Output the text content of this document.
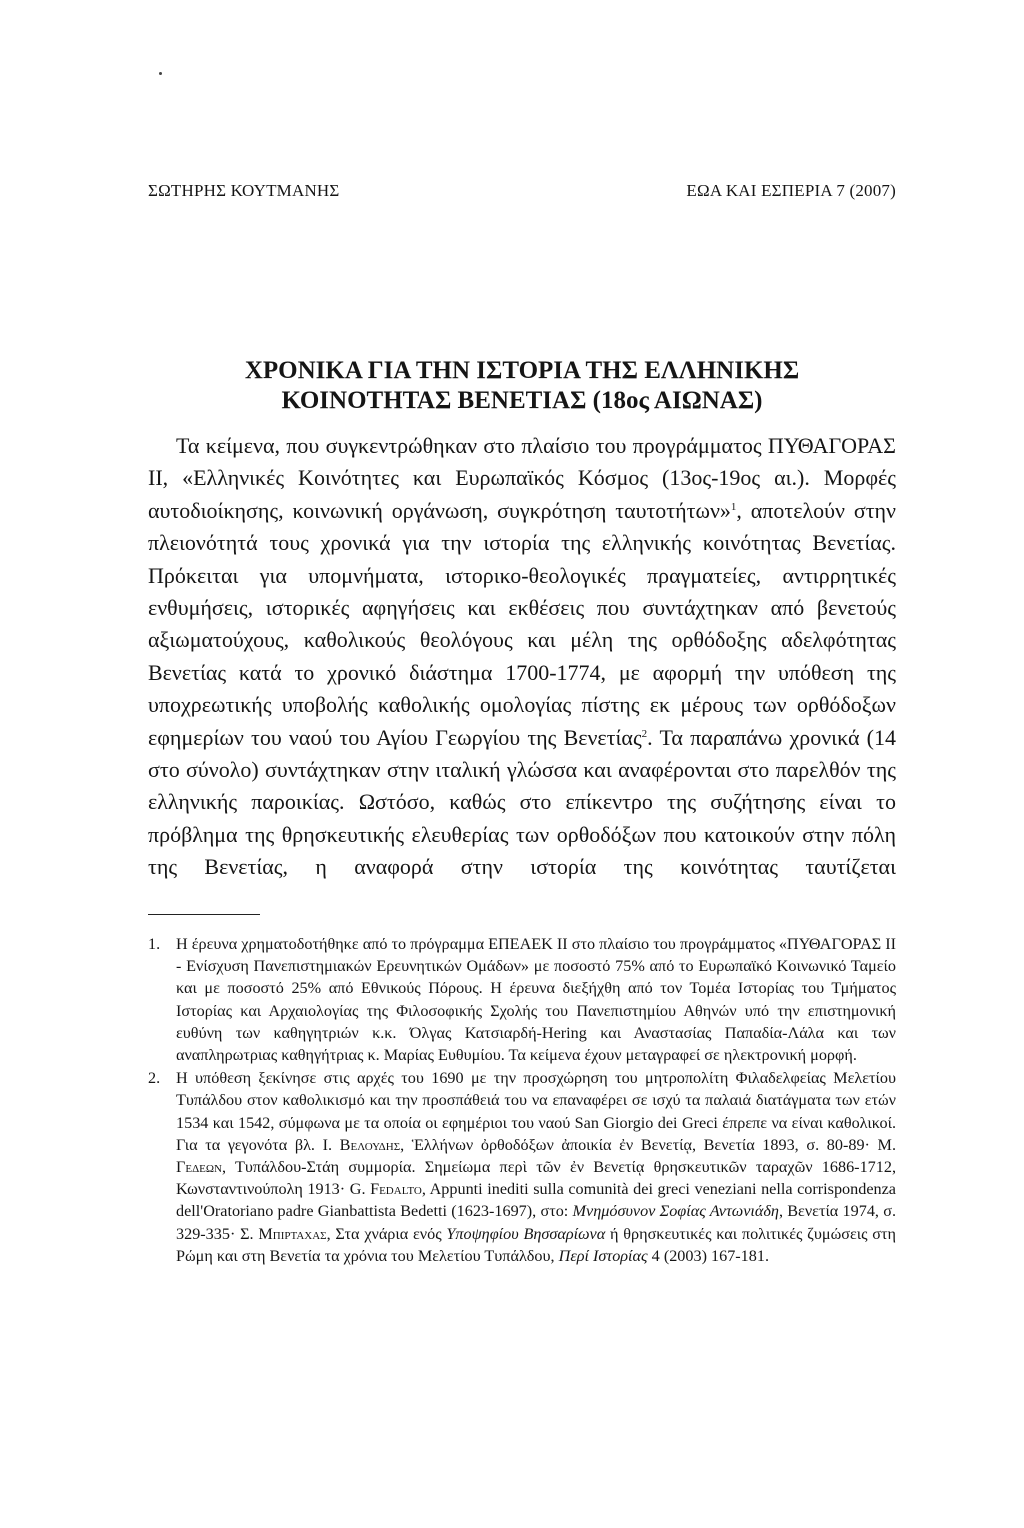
ΣΩΤΗΡΗΣ ΚΟΥΤΜΑΝΗΣ	ΕΩΑ ΚΑΙ ΕΣΠΕΡΙΑ 7 (2007)
ΧΡΟΝΙΚΑ ΓΙΑ ΤΗΝ ΙΣΤΟΡΙΑ ΤΗΣ ΕΛΛΗΝΙΚΗΣ
ΚΟΙΝΟΤΗΤΑΣ ΒΕΝΕΤΙΑΣ (18ος ΑΙΩΝΑΣ)

Τα κείμενα, που συγκεντρώθηκαν στο πλαίσιο του προγράμματος ΠΥΘΑΓΟΡΑΣ ΙΙ, «Ελληνικές Κοινότητες και Ευρωπαϊκός Κόσμος (13ος-19ος αι.). Μορφές αυτοδιοίκησης, κοινωνική οργάνωση, συγκρότηση ταυτοτήτων»$^1$, αποτελούν στην πλειονότητά τους χρονικά για την ιστορία της ελληνικής κοινότητας Βενετίας. Πρόκειται για υπομνήματα, ιστορικο-θεολογικές πραγματείες, αντιρρητικές ενθυμήσεις, ιστορικές αφηγήσεις και εκθέσεις που συντάχτηκαν από βενετούς αξιωματούχους, καθολικούς θεολόγους και μέλη της ορθόδοξης αδελφότητας Βενετίας κατά το χρονικό διάστημα 1700-1774, με αφορμή την υπόθεση της υποχρεωτικής υποβολής καθολικής ομολογίας πίστης εκ μέρους των ορθόδοξων εφημερίων του ναού του Αγίου Γεωργίου της Βενετίας$^2$. Τα παραπάνω χρονικά (14 στο σύνολο) συντάχτηκαν στην ιταλική γλώσσα και αναφέρονται στο παρελθόν της ελληνικής παροικίας. Ωστόσο, καθώς στο επίκεντρο της συζήτησης είναι το πρόβλημα της θρησκευτικής ελευθερίας των ορθοδόξων που κατοικούν στην πόλη της Βενετίας, η αναφορά στην ιστορία της κοινότητας ταυτίζεται

1. Η έρευνα χρηματοδοτήθηκε από το πρόγραμμα ΕΠΕΑΕΚ ΙΙ στο πλαίσιο του προγράμματος «ΠΥΘΑΓΟΡΑΣ ΙΙ - Ενίσχυση Πανεπιστημιακών Ερευνητικών Ομάδων» με ποσοστό 75% από το Ευρωπαϊκό Κοινωνικό Ταμείο και με ποσοστό 25% από Εθνικούς Πόρους. Η έρευνα διεξήχθη από τον Τομέα Ιστορίας του Τμήματος Ιστορίας και Αρχαιολογίας της Φιλοσοφικής Σχολής του Πανεπιστημίου Αθηνών υπό την επιστημονική ευθύνη των καθηγητριών κ.κ. Όλγας Κατσιαρδή-Hering και Αναστασίας Παπαδία-Λάλα και των αναπληρωτριας καθηγήτριας κ. Μαρίας Ευθυμίου. Τα κείμενα έχουν μεταγραφεί σε ηλεκτρονική μορφή.
2. Η υπόθεση ξεκίνησε στις αρχές του 1690 με την προσχώρηση του μητροπολίτη Φιλαδελφείας Μελετίου Τυπάλδου στον καθολικισμό και την προσπάθειά του να επαναφέρει σε ισχύ τα παλαιά διατάγματα των ετών 1534 και 1542, σύμφωνα με τα οποία οι εφημέριοι του ναού San Giorgio dei Greci έπρεπε να είναι καθολικοί. Για τα γεγονότα βλ. Ι. Βελουδης, Ἑλλήνων ὀρθοδόξων ἀποικία ἐν Βενετίᾳ, Βενετία 1893, σ. 80-89· Μ. Γεδεων, Τυπάλδου-Στάη συμμορία. Σημείωμα περὶ τῶν ἐν Βενετίᾳ θρησκευτικῶν ταραχῶν 1686-1712, Κωνσταντινούπολη 1913· G. Fedalto, Appunti inediti sulla comunità dei greci veneziani nella corrispondenza dell'Oratoriano padre Gianbattista Bedetti (1623-1697), στο: Μνημόσυνον Σοφίας Αντωνιάδη, Βενετία 1974, σ. 329-335· Σ. Μπιρταχας, Στα χνάρια ενός Υποψηφίου Βησσαρίωνα ή θρησκευτικές και πολιτικές ζυμώσεις στη Ρώμη και στη Βενετία τα χρόνια του Μελετίου Τυπάλδου, Περί Ιστορίας 4 (2003) 167-181.
